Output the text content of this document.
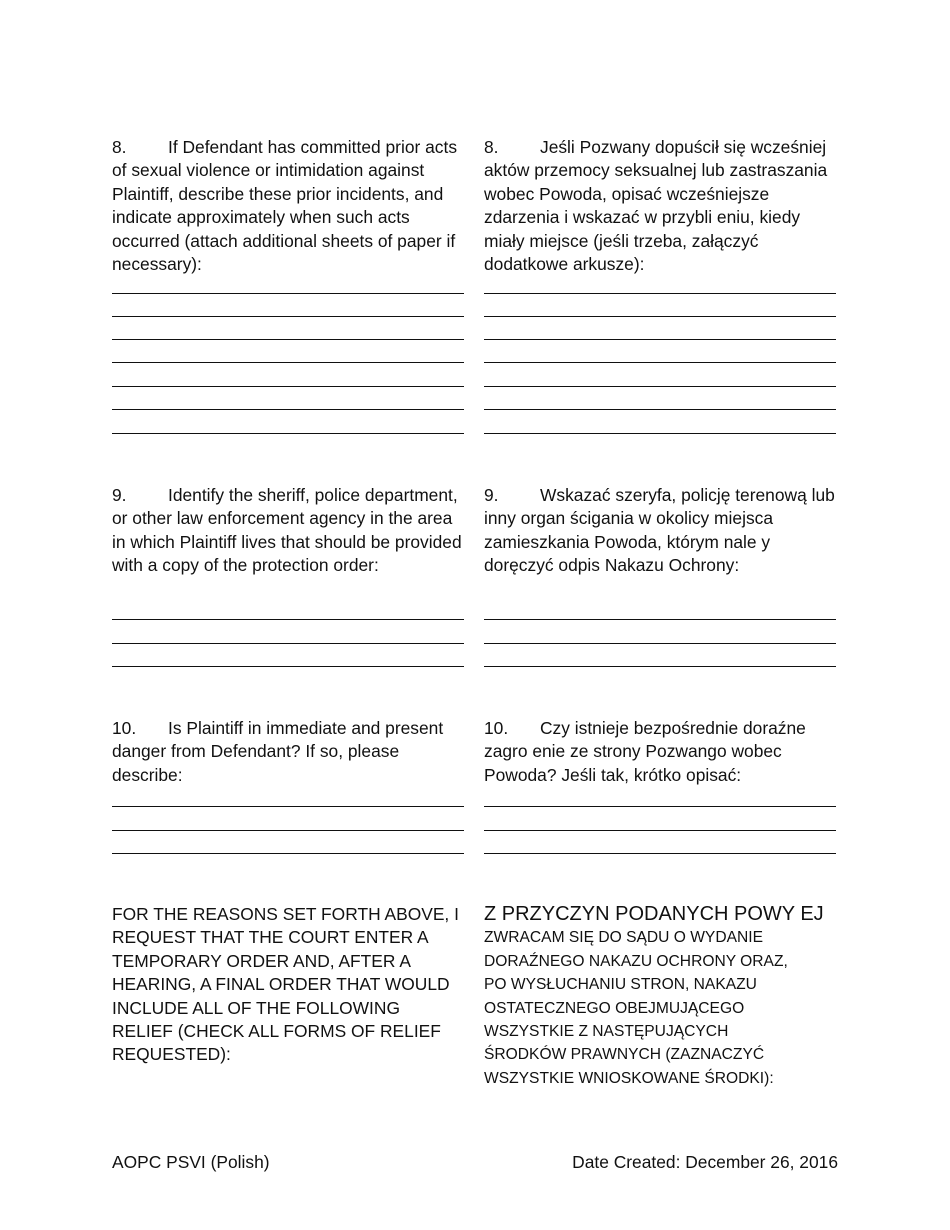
8. If Defendant has committed prior acts of sexual violence or intimidation against Plaintiff, describe these prior incidents, and indicate approximately when such acts occurred (attach additional sheets of paper if necessary):
8. Jeśli Pozwany dopuścił się wcześniej aktów przemocy seksualnej lub zastraszania wobec Powoda, opisać wcześniejsze zdarzenia i wskazać w przybli eniu, kiedy miały miejsce (jeśli trzeba, załączyć dodatkowe arkusze):
9. Identify the sheriff, police department, or other law enforcement agency in the area in which Plaintiff lives that should be provided with a copy of the protection order:
9. Wskazać szeryfa, policję terenową lub inny organ ścigania w okolicy miejsca zamieszkania Powoda, którym nale y doręczyć odpis Nakazu Ochrony:
10. Is Plaintiff in immediate and present danger from Defendant? If so, please describe:
10. Czy istnieje bezpośrednie doraźne zagro enie ze strony Pozwango wobec Powoda? Jeśli tak, krótko opisać:
FOR THE REASONS SET FORTH ABOVE, I REQUEST THAT THE COURT ENTER A TEMPORARY ORDER AND, AFTER A HEARING, A FINAL ORDER THAT WOULD INCLUDE ALL OF THE FOLLOWING RELIEF (CHECK ALL FORMS OF RELIEF REQUESTED):
Z PRZYCZYN PODANYCH POWY EJ
ZWRACAM SIĘ DO SĄDU O WYDANIE
DORAŹNEGO NAKAZU OCHRONY ORAZ,
PO WYSŁUCHANIU STRON, NAKAZU
OSTATECZNEGO OBEJMUJĄCEGO
WSZYSTKIE Z NASTĘPUJĄCYCH
ŚRODKÓW PRAWNYCH (ZAZNACZYĆ
WSZYSTKIE WNIOSKOWANE ŚRODKI):
AOPC PSVI (Polish)	Date Created: December 26, 2016
